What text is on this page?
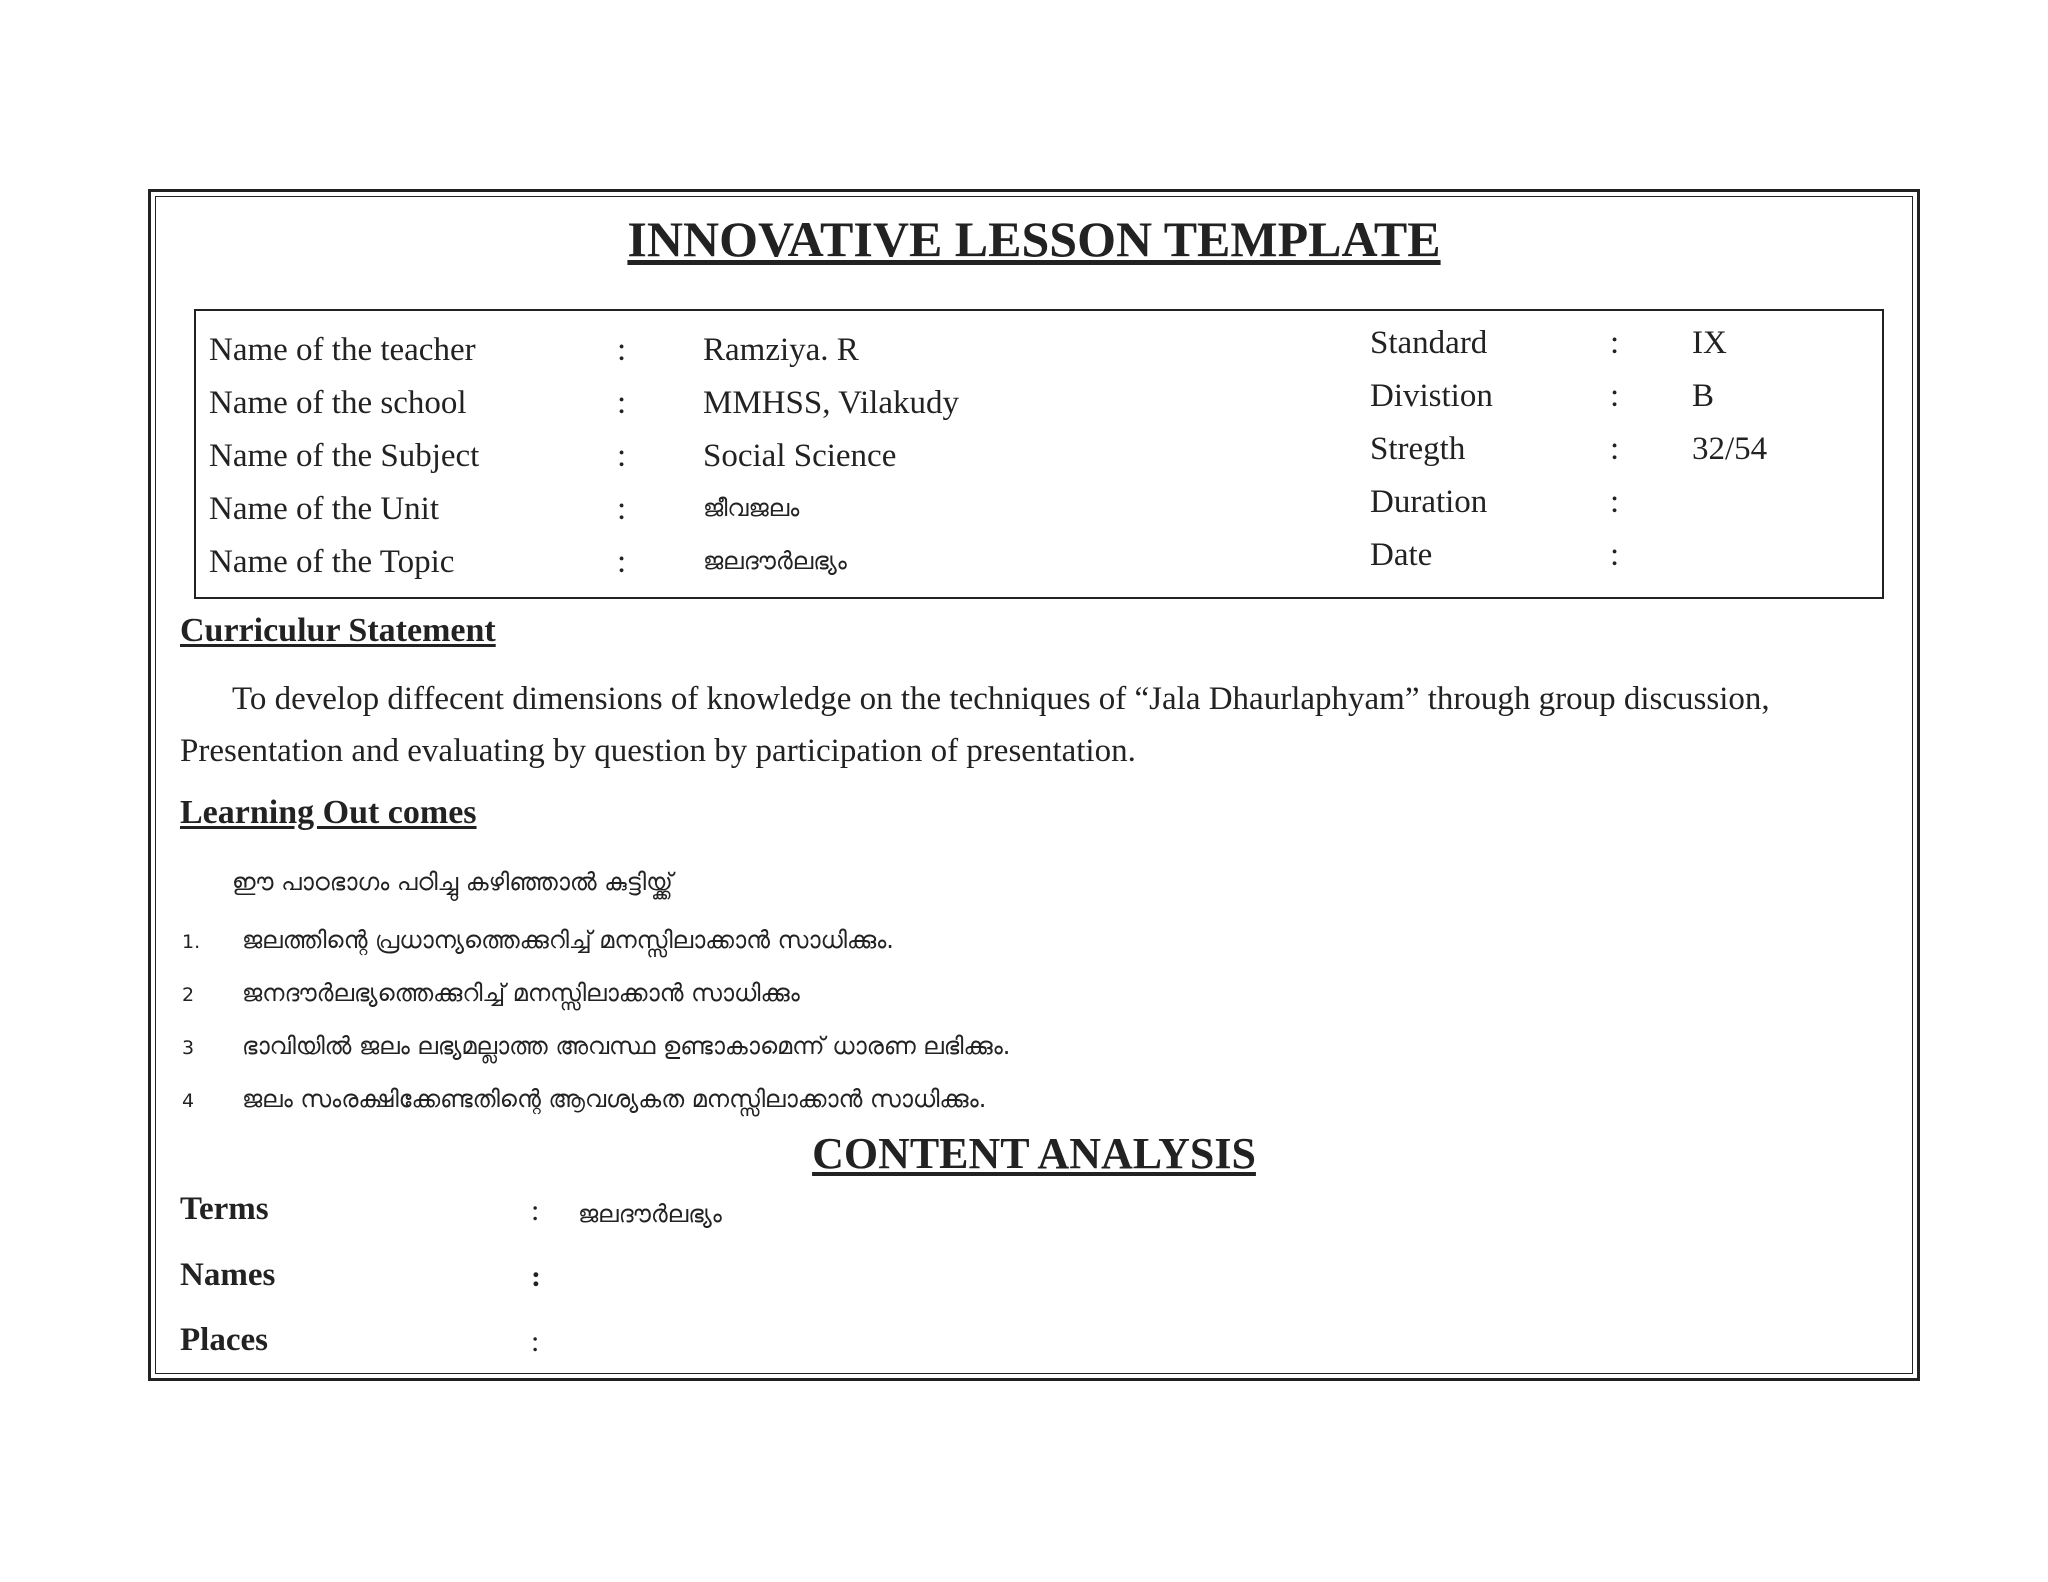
INNOVATIVE LESSON TEMPLATE
Name of the teacher	: Ramziya. R
Name of the school	: MMHSS, Vilakudy
Name of the Subject	: Social Science
Name of the Unit	:	ജീവജലം
Name of the Topic	:	ജലദൗർലഭ്യം
Standard	: IX
Divistion	: B
Stregth	: 32/54
Duration	:
Date	:
Curriculur Statement
To develop diffecent dimensions of knowledge on the techniques of “Jala Dhaurlaphyam” through group discussion,
Presentation and evaluating by question by participation of presentation.
Learning Out comes
ഈ പാഠഭാഗം പഠിച്ചു കഴിഞ്ഞാൽ കുട്ടിയ്ക്ക്
1. ജലത്തിന്റെ പ്രധാന്യത്തെക്കുറിച്ച് മനസ്സിലാക്കാൻ സാധിക്കും.
2 ജനദൗർലഭ്യത്തെക്കുറിച്ച് മനസ്സിലാക്കാൻ സാധിക്കും
3 ഭാവിയിൽ ജലം ലഭ്യമല്ലാത്ത അവസ്ഥ ഉണ്ടാകാമെന്ന് ധാരണ ലഭിക്കും.
4 ജലം സംരക്ഷിക്കേണ്ടതിന്റെ ആവശ്യകത മനസ്സിലാക്കാൻ സാധിക്കും.
CONTENT ANALYSIS
Terms	: ജലദൗർലഭ്യം
Names	:
Places	:
